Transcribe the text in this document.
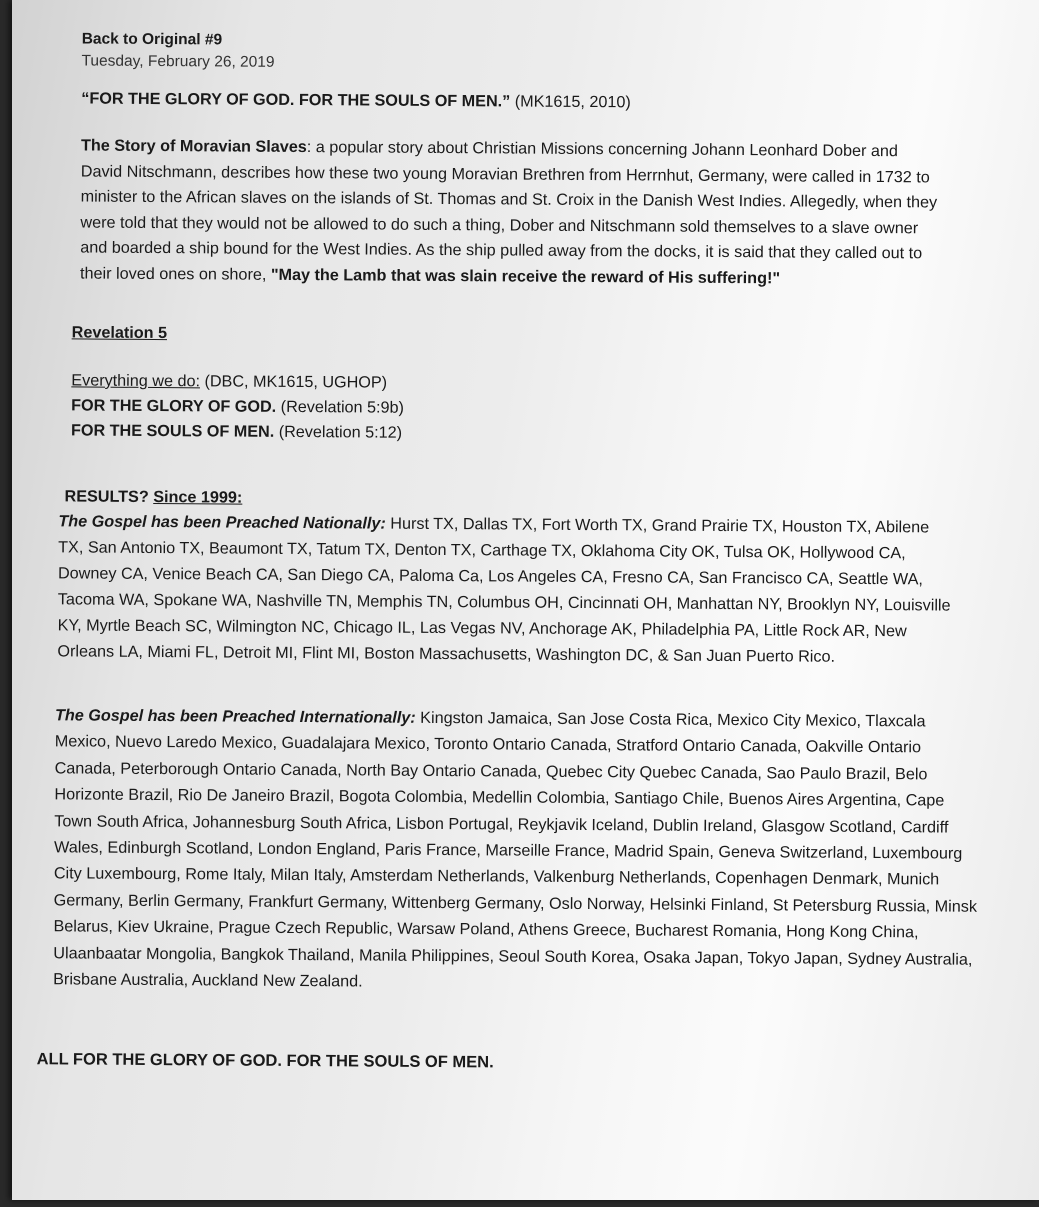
Back to Original #9
Tuesday, February 26, 2019
“FOR THE GLORY OF GOD. FOR THE SOULS OF MEN.” (MK1615, 2010)
The Story of Moravian Slaves: a popular story about Christian Missions concerning Johann Leonhard Dober and David Nitschmann, describes how these two young Moravian Brethren from Herrnhut, Germany, were called in 1732 to minister to the African slaves on the islands of St. Thomas and St. Croix in the Danish West Indies. Allegedly, when they were told that they would not be allowed to do such a thing, Dober and Nitschmann sold themselves to a slave owner and boarded a ship bound for the West Indies. As the ship pulled away from the docks, it is said that they called out to their loved ones on shore, "May the Lamb that was slain receive the reward of His suffering!"
Revelation 5
Everything we do: (DBC, MK1615, UGHOP)
FOR THE GLORY OF GOD. (Revelation 5:9b)
FOR THE SOULS OF MEN. (Revelation 5:12)
RESULTS? Since 1999:
The Gospel has been Preached Nationally: Hurst TX, Dallas TX, Fort Worth TX, Grand Prairie TX, Houston TX, Abilene TX, San Antonio TX, Beaumont TX, Tatum TX, Denton TX, Carthage TX, Oklahoma City OK, Tulsa OK, Hollywood CA, Downey CA, Venice Beach CA, San Diego CA, Paloma Ca, Los Angeles CA, Fresno CA, San Francisco CA, Seattle WA, Tacoma WA, Spokane WA, Nashville TN, Memphis TN, Columbus OH, Cincinnati OH, Manhattan NY, Brooklyn NY, Louisville KY, Myrtle Beach SC, Wilmington NC, Chicago IL, Las Vegas NV, Anchorage AK, Philadelphia PA, Little Rock AR, New Orleans LA, Miami FL, Detroit MI, Flint MI, Boston Massachusetts, Washington DC, & San Juan Puerto Rico.
The Gospel has been Preached Internationally: Kingston Jamaica, San Jose Costa Rica, Mexico City Mexico, Tlaxcala Mexico, Nuevo Laredo Mexico, Guadalajara Mexico, Toronto Ontario Canada, Stratford Ontario Canada, Oakville Ontario Canada, Peterborough Ontario Canada, North Bay Ontario Canada, Quebec City Quebec Canada, Sao Paulo Brazil, Belo Horizonte Brazil, Rio De Janeiro Brazil, Bogota Colombia, Medellin Colombia, Santiago Chile, Buenos Aires Argentina, Cape Town South Africa, Johannesburg South Africa, Lisbon Portugal, Reykjavik Iceland, Dublin Ireland, Glasgow Scotland, Cardiff Wales, Edinburgh Scotland, London England, Paris France, Marseille France, Madrid Spain, Geneva Switzerland, Luxembourg City Luxembourg, Rome Italy, Milan Italy, Amsterdam Netherlands, Valkenburg Netherlands, Copenhagen Denmark, Munich Germany, Berlin Germany, Frankfurt Germany, Wittenberg Germany, Oslo Norway, Helsinki Finland, St Petersburg Russia, Minsk Belarus, Kiev Ukraine, Prague Czech Republic, Warsaw Poland, Athens Greece, Bucharest Romania, Hong Kong China, Ulaanbaatar Mongolia, Bangkok Thailand, Manila Philippines, Seoul South Korea, Osaka Japan, Tokyo Japan, Sydney Australia, Brisbane Australia, Auckland New Zealand.
ALL FOR THE GLORY OF GOD. FOR THE SOULS OF MEN.
